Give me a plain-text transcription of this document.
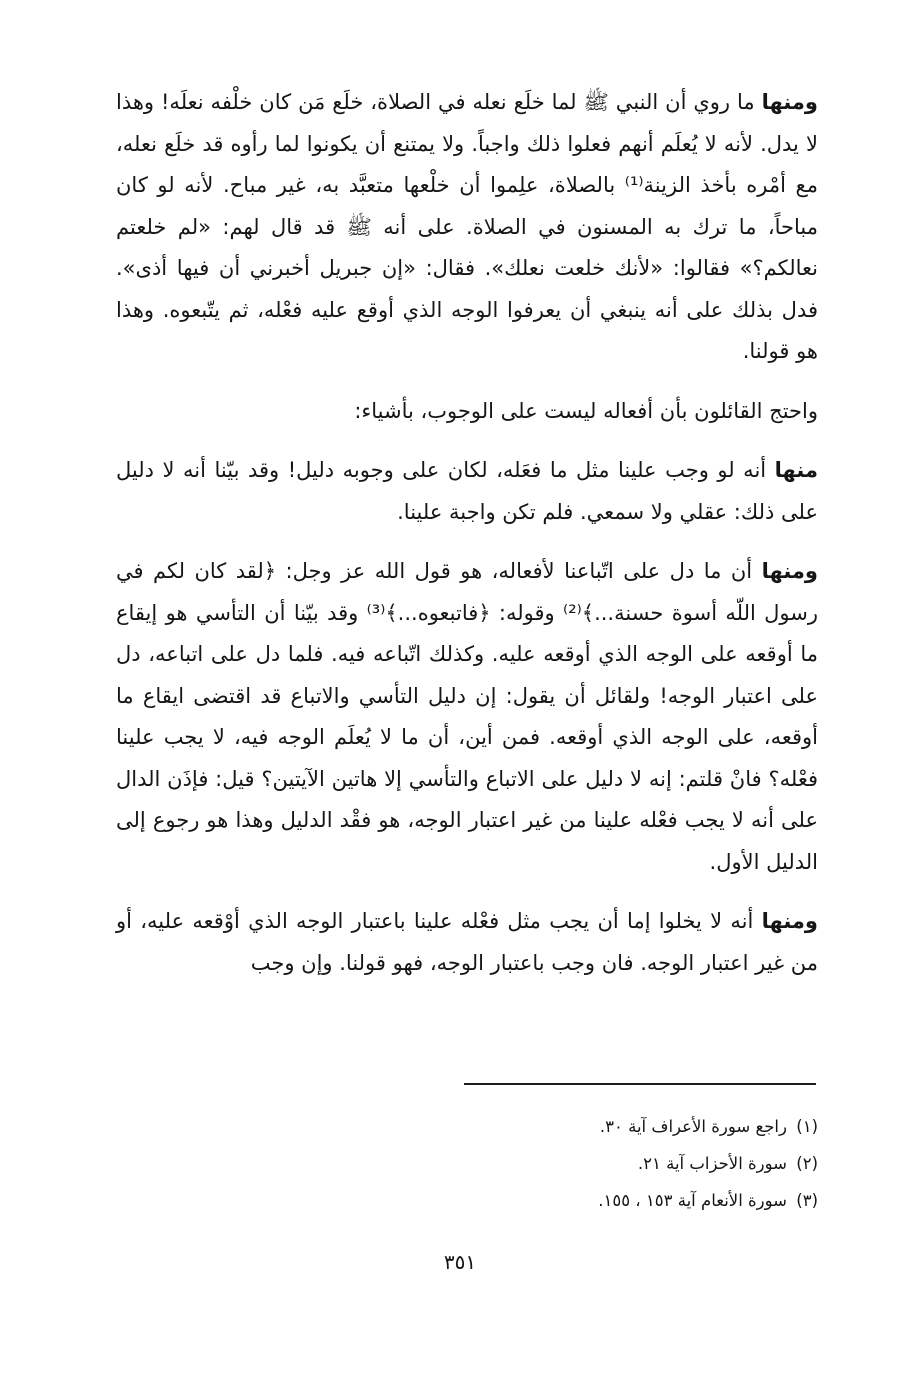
ومنها ما روي أن النبي ﷺ لما خلَع نعله في الصلاة، خلَع مَن كان خلْفه نعلَه! وهذا لا يدل. لأنه لا يُعلَم أنهم فعلوا ذلك واجباً. ولا يمتنع أن يكونوا لما رأوه قد خلَع نعله، مع أمْره بأخذ الزينة⁽¹⁾ بالصلاة، علِموا أن خلْعها متعبَّد به، غير مباح. لأنه لو كان مباحاً، ما ترك به المسنون في الصلاة. على أنه ﷺ قد قال لهم: «لم خلعتم نعالكم؟» فقالوا: «لأنك خلعت نعلك». فقال: «إن جبريل أخبرني أن فيها أذى». فدل بذلك على أنه ينبغي أن يعرفوا الوجه الذي أوقع عليه فعْله، ثم يتّبعوه. وهذا هو قولنا.

واحتج القائلون بأن أفعاله ليست على الوجوب، بأشياء:

منها أنه لو وجب علينا مثل ما فعَله، لكان على وجوبه دليل! وقد بيّنا أنه لا دليل على ذلك: عقلي ولا سمعي. فلم تكن واجبة علينا.

ومنها أن ما دل على اتّباعنا لأفعاله، هو قول الله عز وجل: ﴿لقد كان لكم في رسول اللّه أسوة حسنة...﴾⁽²⁾ وقوله: ﴿فاتبعوه...﴾⁽³⁾ وقد بيّنا أن التأسي هو إيقاع ما أوقعه على الوجه الذي أوقعه عليه. وكذلك اتّباعه فيه. فلما دل على اتباعه، دل على اعتبار الوجه! ولقائل أن يقول: إن دليل التأسي والاتباع قد اقتضى ايقاع ما أوقعه، على الوجه الذي أوقعه. فمن أين، أن ما لا يُعلَم الوجه فيه، لا يجب علينا فعْله؟ فانْ قلتم: إنه لا دليل على الاتباع والتأسي إلا هاتين الآيتين؟ قيل: فإذَن الدال على أنه لا يجب فعْله علينا من غير اعتبار الوجه، هو فقْد الدليل وهذا هو رجوع إلى الدليل الأول.

ومنها أنه لا يخلوا إما أن يجب مثل فعْله علينا باعتبار الوجه الذي أوْقعه عليه، أو من غير اعتبار الوجه. فان وجب باعتبار الوجه، فهو قولنا. وإن وجب

(١) راجع سورة الأعراف آية ٣٠.

(٢) سورة الأحزاب آية ٢١.

(٣) سورة الأنعام آية ١٥٣ ، ١٥٥.

٣٥١
